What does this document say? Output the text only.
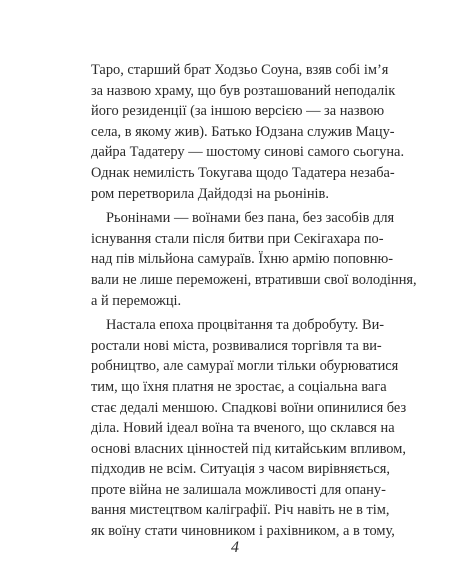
Таро, старший брат Ходзьо Соуна, взяв собі ім’я
за назвою храму, що був розташований неподалік
його резиденції (за іншою версією — за назвою
села, в якому жив). Батько Юдзана служив Мацу-
дайра Тадатеру — шостому синові самого сьогуна.
Однак немилість Токугава щодо Тадатера незаба-
ром перетворила Дайдодзі на рьонінів.
Рьонінами — воїнами без пана, без засобів для
існування стали після битви при Секігахара по-
над пів мільйона самураїв. Їхню армію поповню-
вали не лише переможені, втративши свої володіння,
а й переможці.
Настала епоха процвітання та добробуту. Ви-
ростали нові міста, розвивалися торгівля та ви-
робництво, але самураї могли тільки обурюватися
тим, що їхня платня не зростає, а соціальна вага
стає дедалі меншою. Спадкові воїни опинилися без
діла. Новий ідеал воїна та вченого, що склався на
основі власних цінностей під китайським впливом,
підходив не всім. Ситуація з часом вирівняється,
проте війна не залишала можливості для опану-
вання мистецтвом каліграфії. Річ навіть не в тім,
як воїну стати чиновником і рахівником, а в тому,
4
